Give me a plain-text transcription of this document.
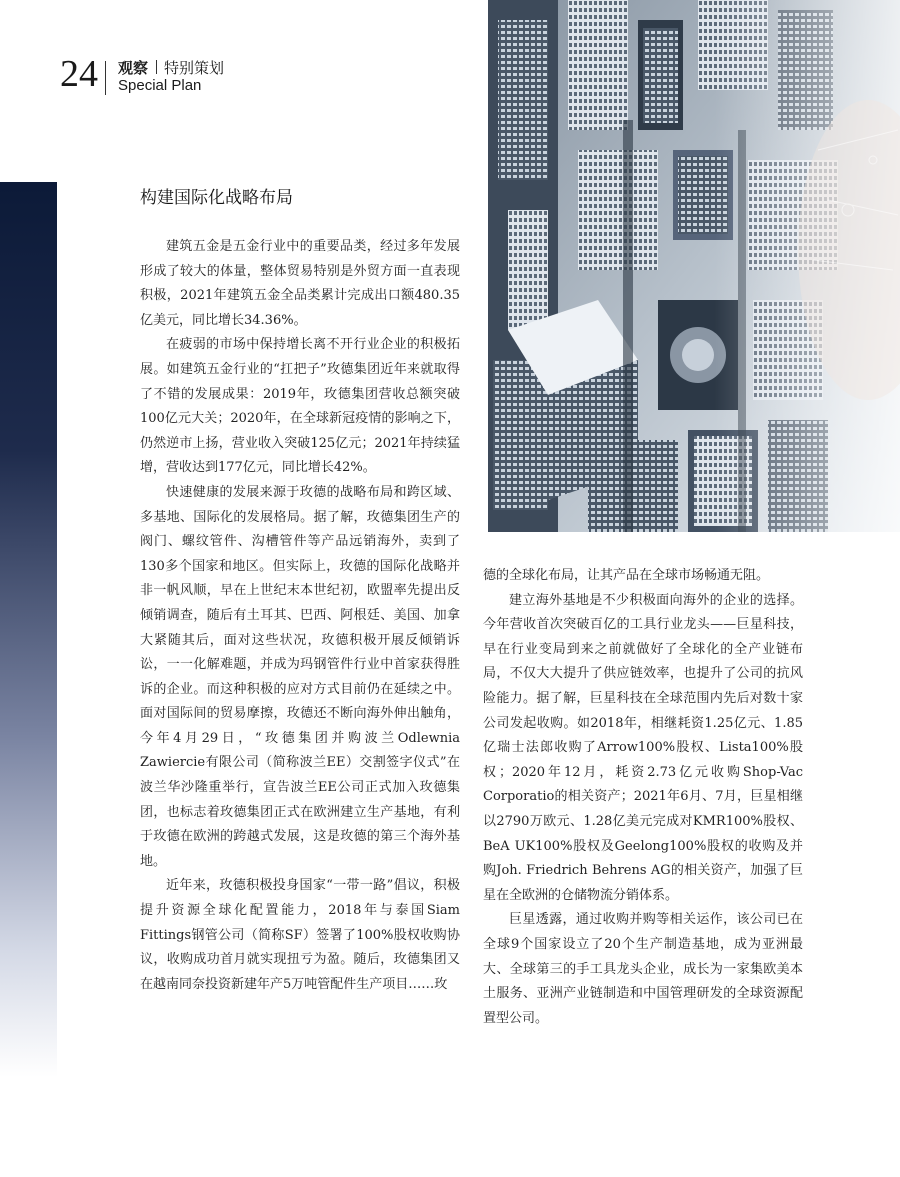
24 观察 特别策划
Special Plan
构建国际化战略布局

建筑五金是五金行业中的重要品类，经过多年发展形成了较大的体量，整体贸易特别是外贸方面一直表现积极，2021年建筑五金全品类累计完成出口额480.35亿美元，同比增长34.36%。

在疲弱的市场中保持增长离不开行业企业的积极拓展。如建筑五金行业的“扛把子”玫德集团近年来就取得了不错的发展成果：2019年，玫德集团营收总额突破100亿元大关；2020年，在全球新冠疫情的影响之下，仍然逆市上扬，营业收入突破125亿元；2021年持续猛增，营收达到177亿元，同比增长42%。

快速健康的发展来源于玫德的战略布局和跨区域、多基地、国际化的发展格局。据了解，玫德集团生产的阀门、螺纹管件、沟槽管件等产品远销海外，卖到了130多个国家和地区。但实际上，玫德的国际化战略并非一帆风顺，早在上世纪末本世纪初，欧盟率先提出反倾销调查，随后有土耳其、巴西、阿根廷、美国、加拿大紧随其后，面对这些状况，玫德积极开展反倾销诉讼，一一化解难题，并成为玛钢管件行业中首家获得胜诉的企业。而这种积极的应对方式目前仍在延续之中。面对国际间的贸易摩擦，玫德还不断向海外伸出触角，今年4月29日，“玫德集团并购波兰Odlewnia Zawiercie有限公司（简称波兰EE）交割签字仪式”在波兰华沙隆重举行，宣告波兰EE公司正式加入玫德集团，也标志着玫德集团正式在欧洲建立生产基地，有利于玫德在欧洲的跨越式发展，这是玫德的第三个海外基地。

近年来，玫德积极投身国家“一带一路”倡议，积极提升资源全球化配置能力，2018年与泰国Siam Fittings钢管公司（简称SF）签署了100%股权收购协议，收购成功首月就实现扭亏为盈。随后，玫德集团又在越南同奈投资新建年产5万吨管配件生产项目……玫

德的全球化布局，让其产品在全球市场畅通无阻。

建立海外基地是不少积极面向海外的企业的选择。今年营收首次突破百亿的工具行业龙头——巨星科技，早在行业变局到来之前就做好了全球化的全产业链布局，不仅大大提升了供应链效率，也提升了公司的抗风险能力。据了解，巨星科技在全球范围内先后对数十家公司发起收购。如2018年，相继耗资1.25亿元、1.85亿瑞士法郎收购了Arrow100%股权、Lista100%股权；2020年12月，耗资2.73亿元收购Shop-Vac Corporatio的相关资产；2021年6月、7月，巨星相继以2790万欧元、1.28亿美元完成对KMR100%股权、BeA UK100%股权及Geelong100%股权的收购及并购Joh. Friedrich Behrens AG的相关资产，加强了巨星在全欧洲的仓储物流分销体系。

巨星透露，通过收购并购等相关运作，该公司已在全球9个国家设立了20个生产制造基地，成为亚洲最大、全球第三的手工具龙头企业，成长为一家集欧美本土服务、亚洲产业链制造和中国管理研发的全球资源配置型公司。
